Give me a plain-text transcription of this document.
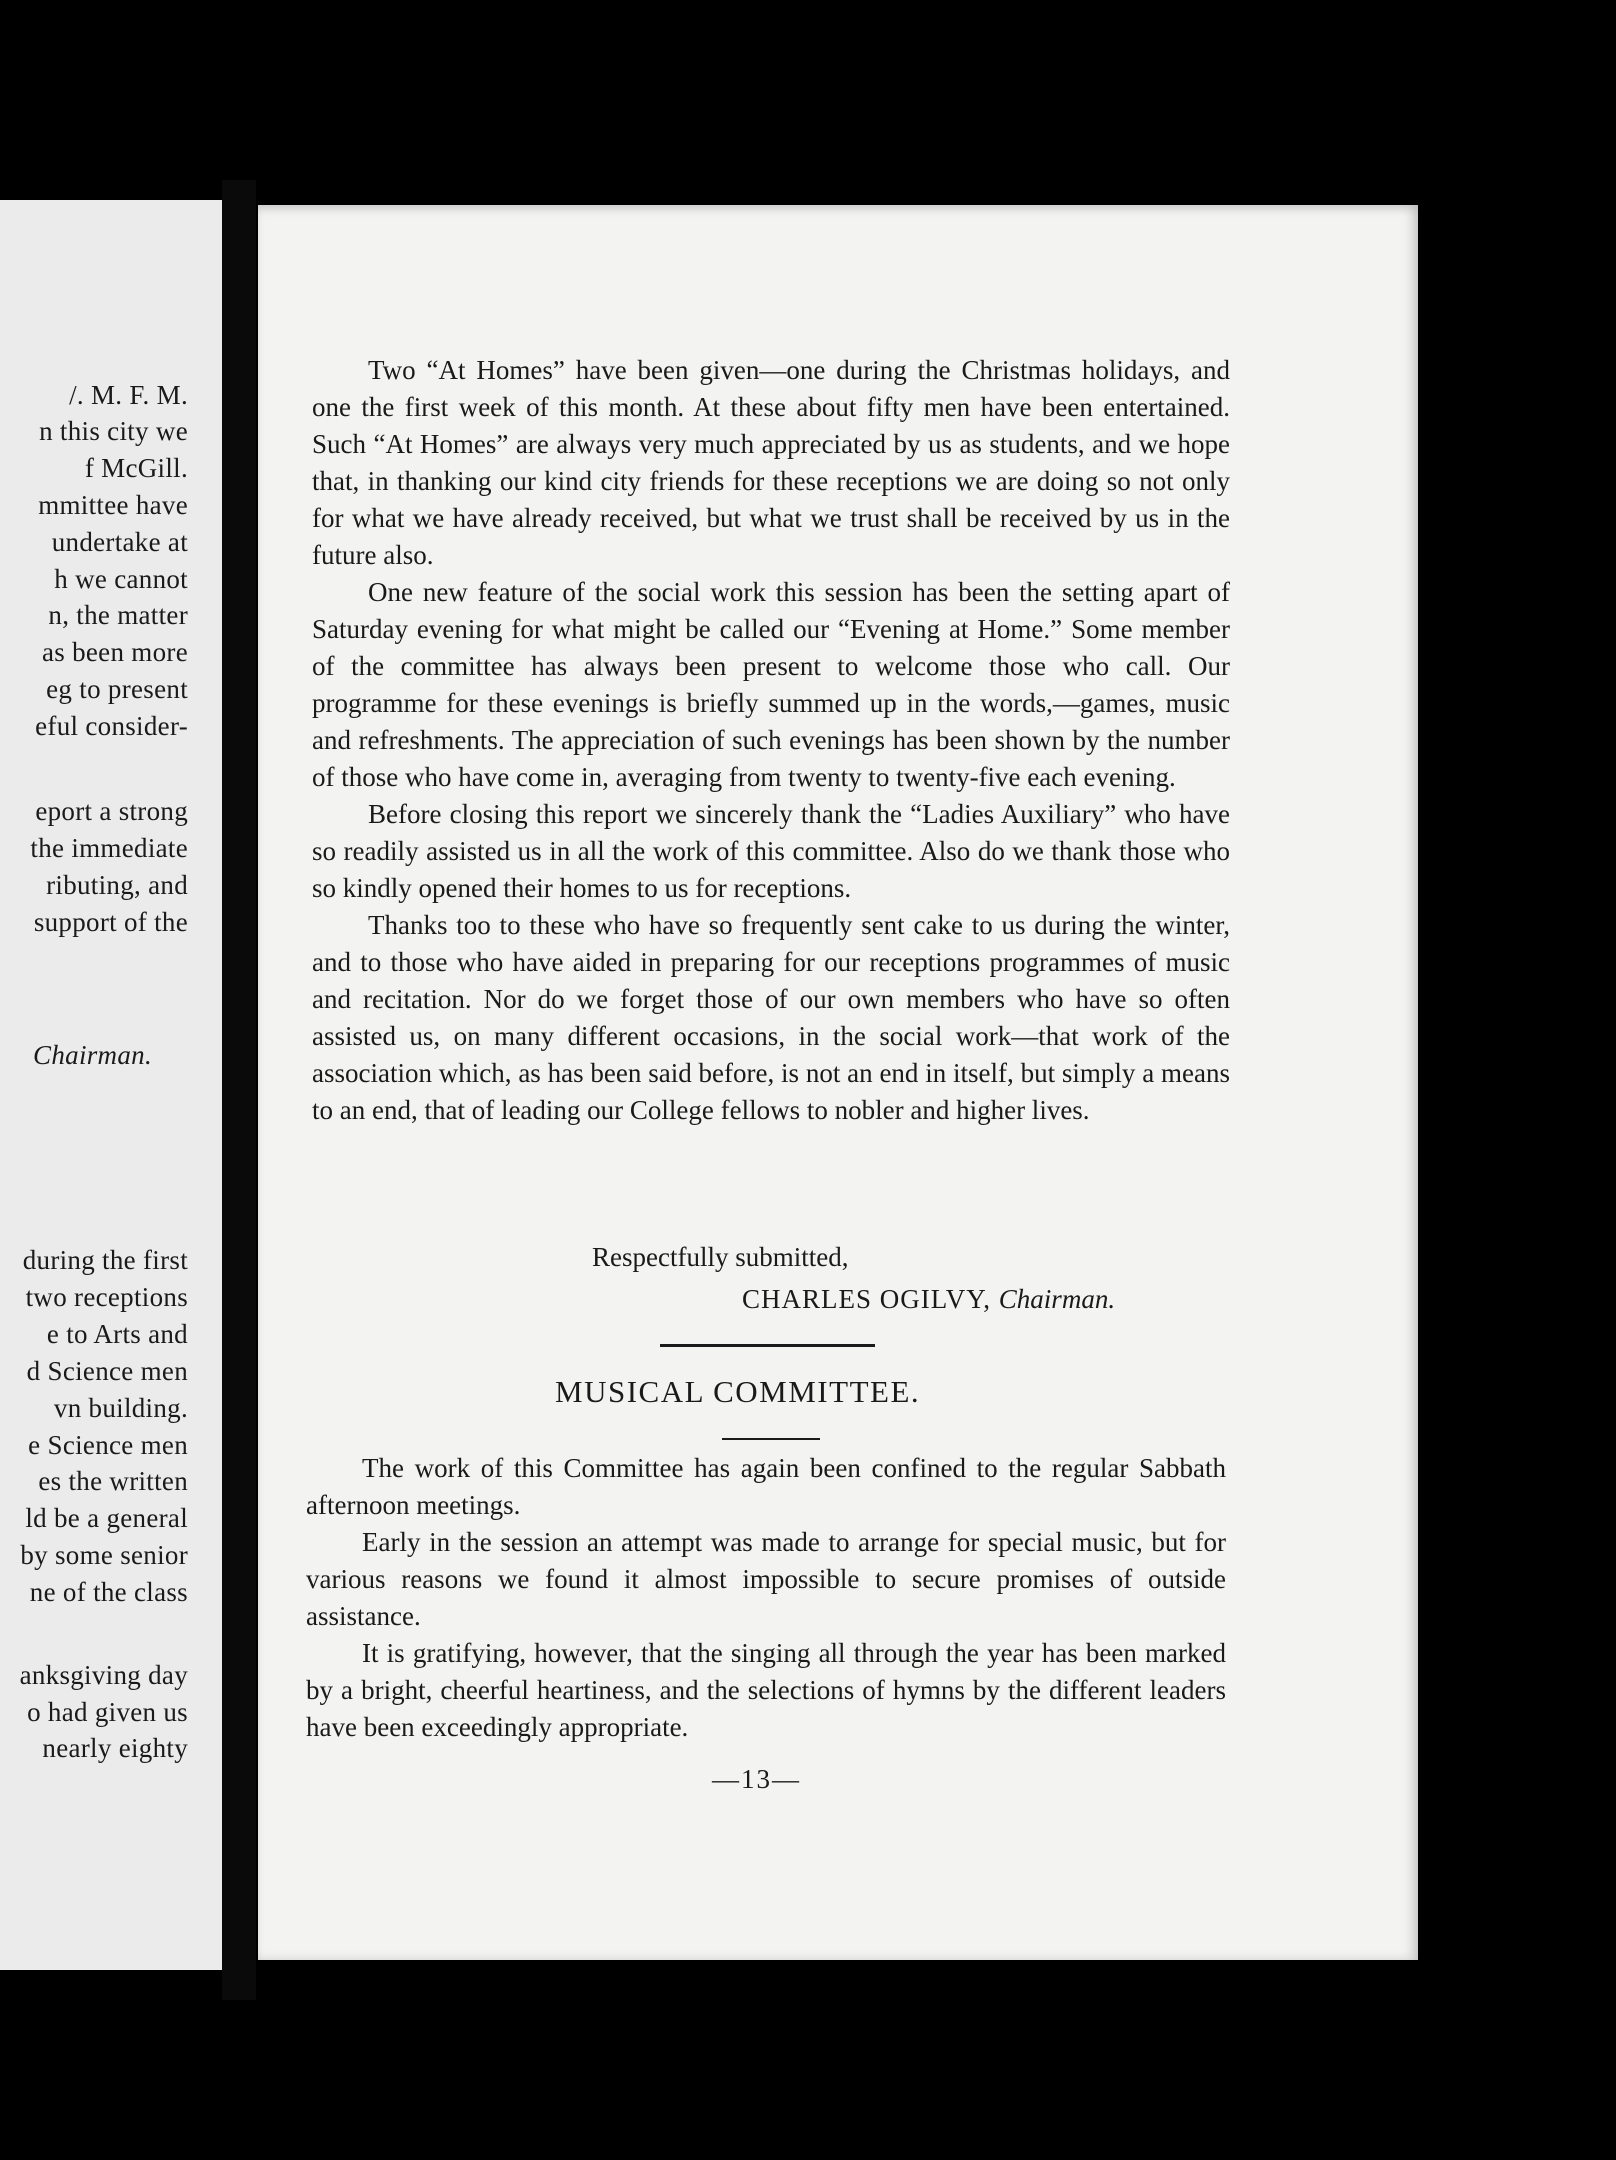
/. M. F. M.
n this city we
f McGill.
mmittee have
undertake at
h we cannot
n, the matter
as been more
eg to present
eful consider-
eport a strong
the immediate
ributing, and
support of the
Chairman.
during the first
two receptions
e to Arts and
d Science men
vn building.
e Science men
es the written
ld be a general
by some senior
ne of the class
anksgiving day
o had given us
nearly eighty

Two “At Homes” have been given—one during the Christmas holidays, and one the first week of this month. At these about fifty men have been entertained. Such “At Homes” are always very much appreciated by us as students, and we hope that, in thanking our kind city friends for these receptions we are doing so not only for what we have already received, but what we trust shall be received by us in the future also.

One new feature of the social work this session has been the setting apart of Saturday evening for what might be called our “Evening at Home.” Some member of the committee has always been present to welcome those who call. Our programme for these evenings is briefly summed up in the words,—games, music and refreshments. The appreciation of such evenings has been shown by the number of those who have come in, averaging from twenty to twenty-five each evening.

Before closing this report we sincerely thank the “Ladies Auxiliary” who have so readily assisted us in all the work of this committee. Also do we thank those who so kindly opened their homes to us for receptions.

Thanks too to these who have so frequently sent cake to us during the winter, and to those who have aided in preparing for our receptions programmes of music and recitation. Nor do we forget those of our own members who have so often assisted us, on many different occasions, in the social work—that work of the association which, as has been said before, is not an end in itself, but simply a means to an end, that of leading our College fellows to nobler and higher lives.

Respectfully submitted,
CHARLES OGILVY, Chairman.
MUSICAL COMMITTEE.

The work of this Committee has again been confined to the regular Sabbath afternoon meetings.

Early in the session an attempt was made to arrange for special music, but for various reasons we found it almost impossible to secure promises of outside assistance.

It is gratifying, however, that the singing all through the year has been marked by a bright, cheerful heartiness, and the selections of hymns by the different leaders have been exceedingly appropriate.

—13—
